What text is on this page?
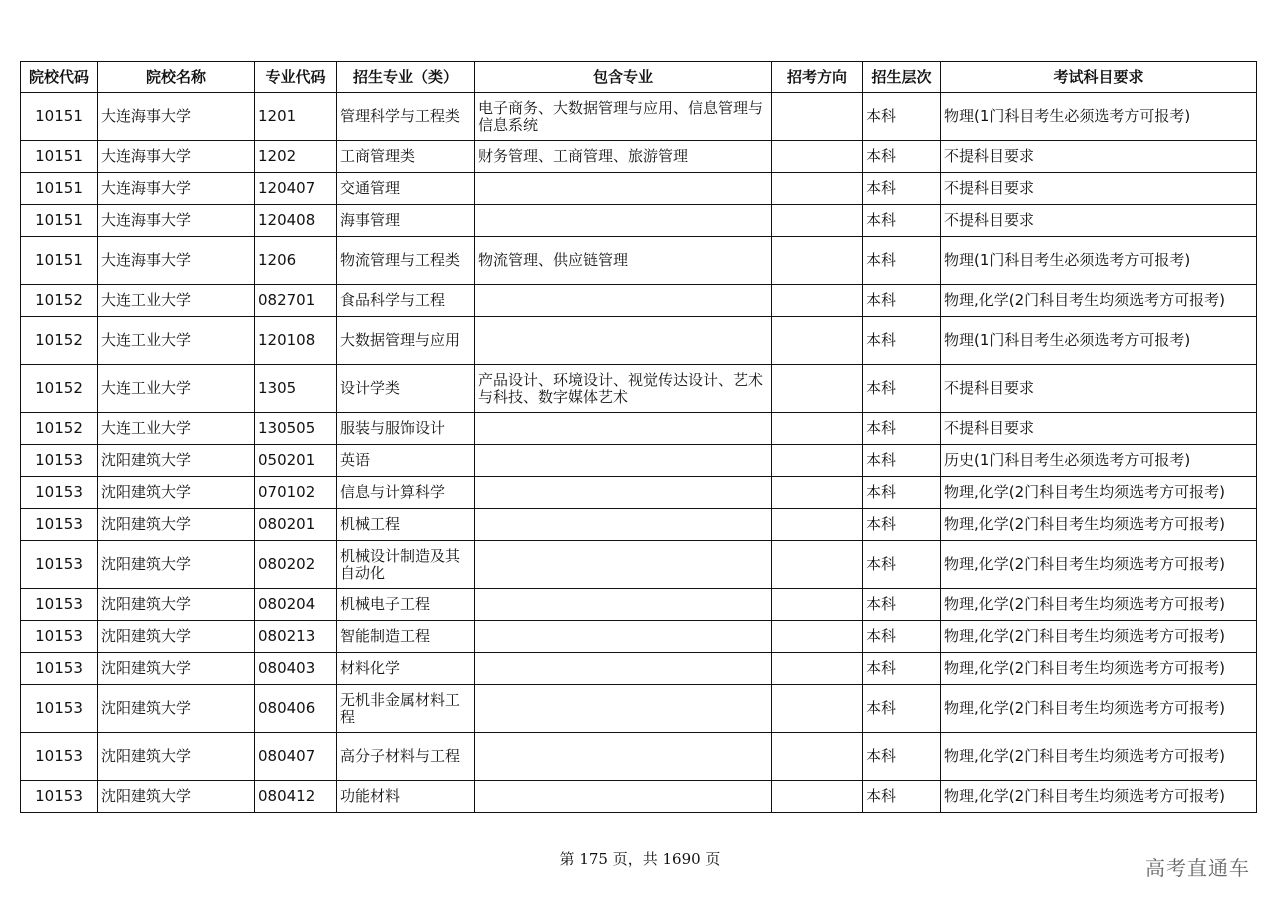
院校代码	院校名称	专业代码	招生专业（类）	包含专业	招考方向	招生层次	考试科目要求
10151	大连海事大学	1201	管理科学与工程类	电子商务、大数据管理与应用、信息管理与信息系统		本科	物理(1门科目考生必须选考方可报考)
10151	大连海事大学	1202	工商管理类	财务管理、工商管理、旅游管理		本科	不提科目要求
10151	大连海事大学	120407	交通管理			本科	不提科目要求
10151	大连海事大学	120408	海事管理			本科	不提科目要求
10151	大连海事大学	1206	物流管理与工程类	物流管理、供应链管理		本科	物理(1门科目考生必须选考方可报考)
10152	大连工业大学	082701	食品科学与工程			本科	物理,化学(2门科目考生均须选考方可报考)
10152	大连工业大学	120108	大数据管理与应用			本科	物理(1门科目考生必须选考方可报考)
10152	大连工业大学	1305	设计学类	产品设计、环境设计、视觉传达设计、艺术与科技、数字媒体艺术		本科	不提科目要求
10152	大连工业大学	130505	服装与服饰设计			本科	不提科目要求
10153	沈阳建筑大学	050201	英语			本科	历史(1门科目考生必须选考方可报考)
10153	沈阳建筑大学	070102	信息与计算科学			本科	物理,化学(2门科目考生均须选考方可报考)
10153	沈阳建筑大学	080201	机械工程			本科	物理,化学(2门科目考生均须选考方可报考)
10153	沈阳建筑大学	080202	机械设计制造及其自动化			本科	物理,化学(2门科目考生均须选考方可报考)
10153	沈阳建筑大学	080204	机械电子工程			本科	物理,化学(2门科目考生均须选考方可报考)
10153	沈阳建筑大学	080213	智能制造工程			本科	物理,化学(2门科目考生均须选考方可报考)
10153	沈阳建筑大学	080403	材料化学			本科	物理,化学(2门科目考生均须选考方可报考)
10153	沈阳建筑大学	080406	无机非金属材料工程			本科	物理,化学(2门科目考生均须选考方可报考)
10153	沈阳建筑大学	080407	高分子材料与工程			本科	物理,化学(2门科目考生均须选考方可报考)
10153	沈阳建筑大学	080412	功能材料			本科	物理,化学(2门科目考生均须选考方可报考)
第 175 页，共 1690 页	高考直通车
